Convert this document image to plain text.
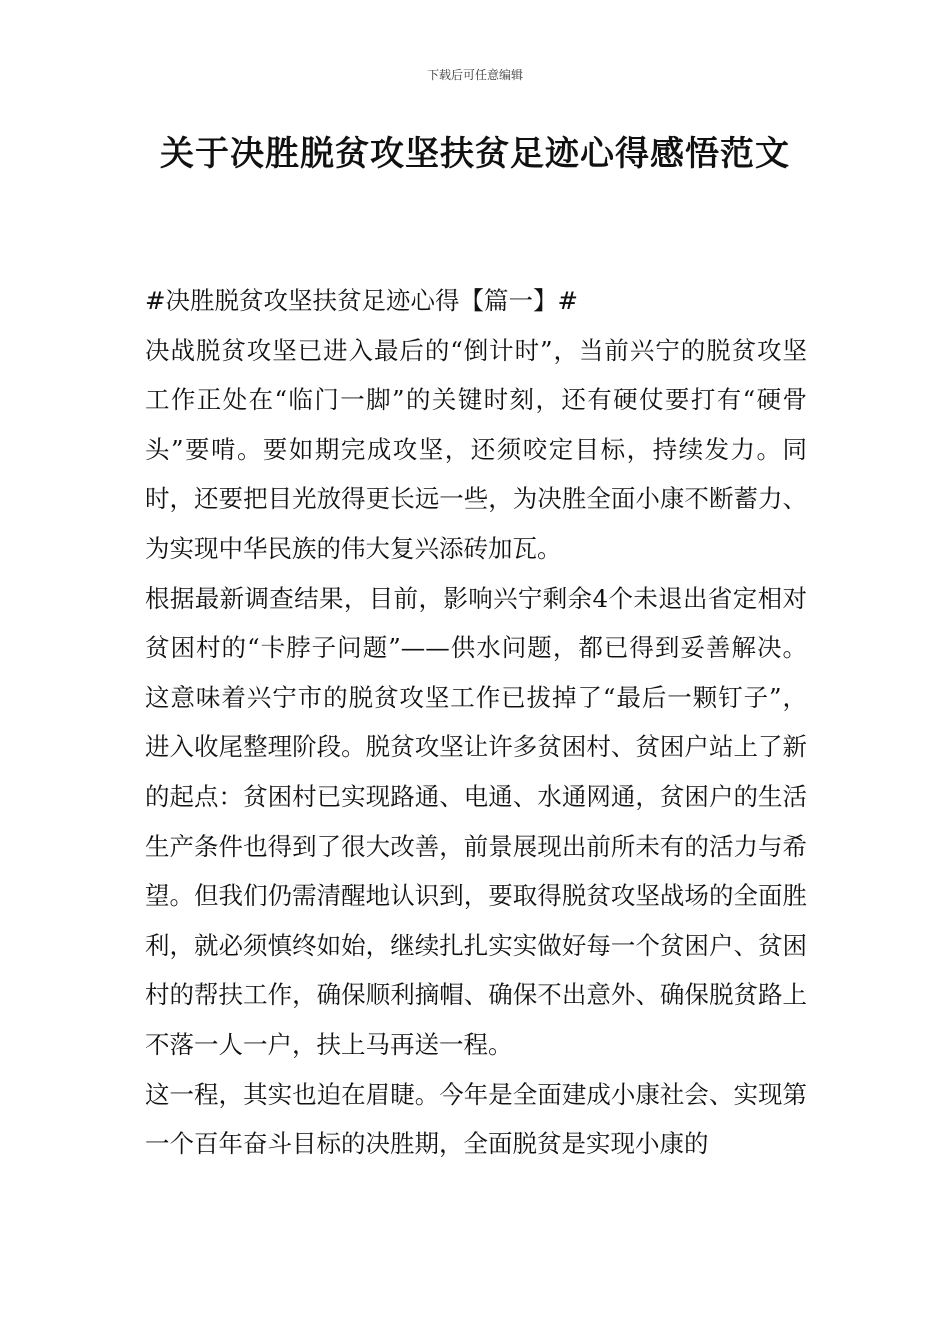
下载后可任意编辑
关于决胜脱贫攻坚扶贫足迹心得感悟范文

#决胜脱贫攻坚扶贫足迹心得【篇一】#

决战脱贫攻坚已进入最后的“倒计时”，当前兴宁的脱贫攻坚工作正处在“临门一脚”的关键时刻，还有硬仗要打有“硬骨头”要啃。要如期完成攻坚，还须咬定目标，持续发力。同时，还要把目光放得更长远一些，为决胜全面小康不断蓄力、为实现中华民族的伟大复兴添砖加瓦。

根据最新调查结果，目前，影响兴宁剩余4个未退出省定相对贫困村的“卡脖子问题”——供水问题，都已得到妥善解决。这意味着兴宁市的脱贫攻坚工作已拔掉了“最后一颗钉子”，进入收尾整理阶段。脱贫攻坚让许多贫困村、贫困户站上了新的起点：贫困村已实现路通、电通、水通网通，贫困户的生活生产条件也得到了很大改善，前景展现出前所未有的活力与希望。但我们仍需清醒地认识到，要取得脱贫攻坚战场的全面胜利，就必须慎终如始，继续扎扎实实做好每一个贫困户、贫困村的帮扶工作，确保顺利摘帽、确保不出意外、确保脱贫路上不落一人一户，扶上马再送一程。

这一程，其实也迫在眉睫。今年是全面建成小康社会、实现第一个百年奋斗目标的决胜期，全面脱贫是实现小康的
